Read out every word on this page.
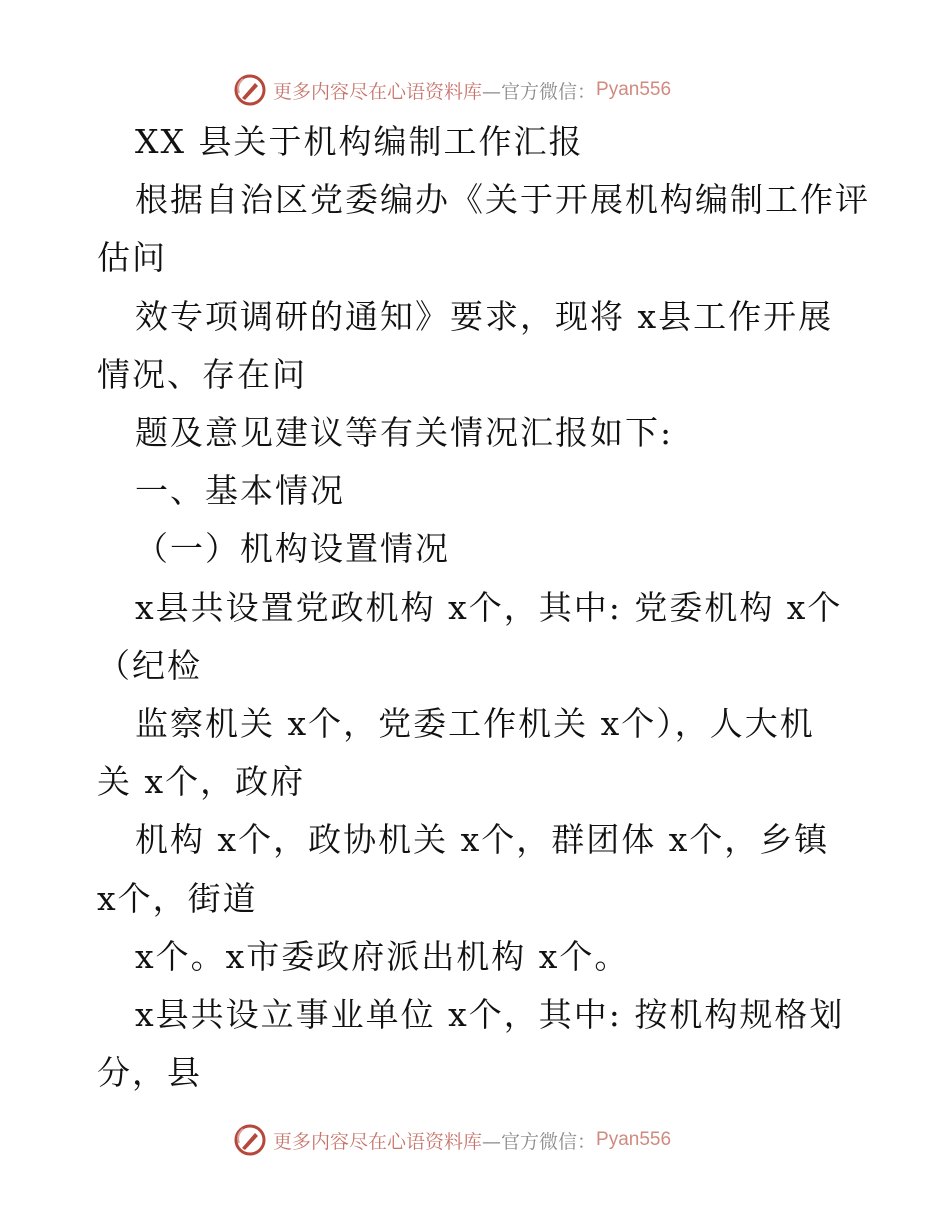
更多内容尽在心语资料库 —官方微信： Pyan556
XX 县关于机构编制工作汇报
根据自治区党委编办《关于开展机构编制工作评
估问
效专项调研的通知》要求，现将 x县工作开展
情况、存在问
题及意见建议等有关情况汇报如下:
一、基本情况
（一）机构设置情况
x县共设置党政机构 x个，其中: 党委机构 x个
（纪检
监察机关 x个，党委工作机关 x个），人大机
关 x个，政府
机构 x个，政协机关 x个，群团体 x个，乡镇
x个，街道
x个。x市委政府派出机构 x个。
x县共设立事业单位 x个，其中: 按机构规格划
分，县
更多内容尽在心语资料库 —官方微信： Pyan556
